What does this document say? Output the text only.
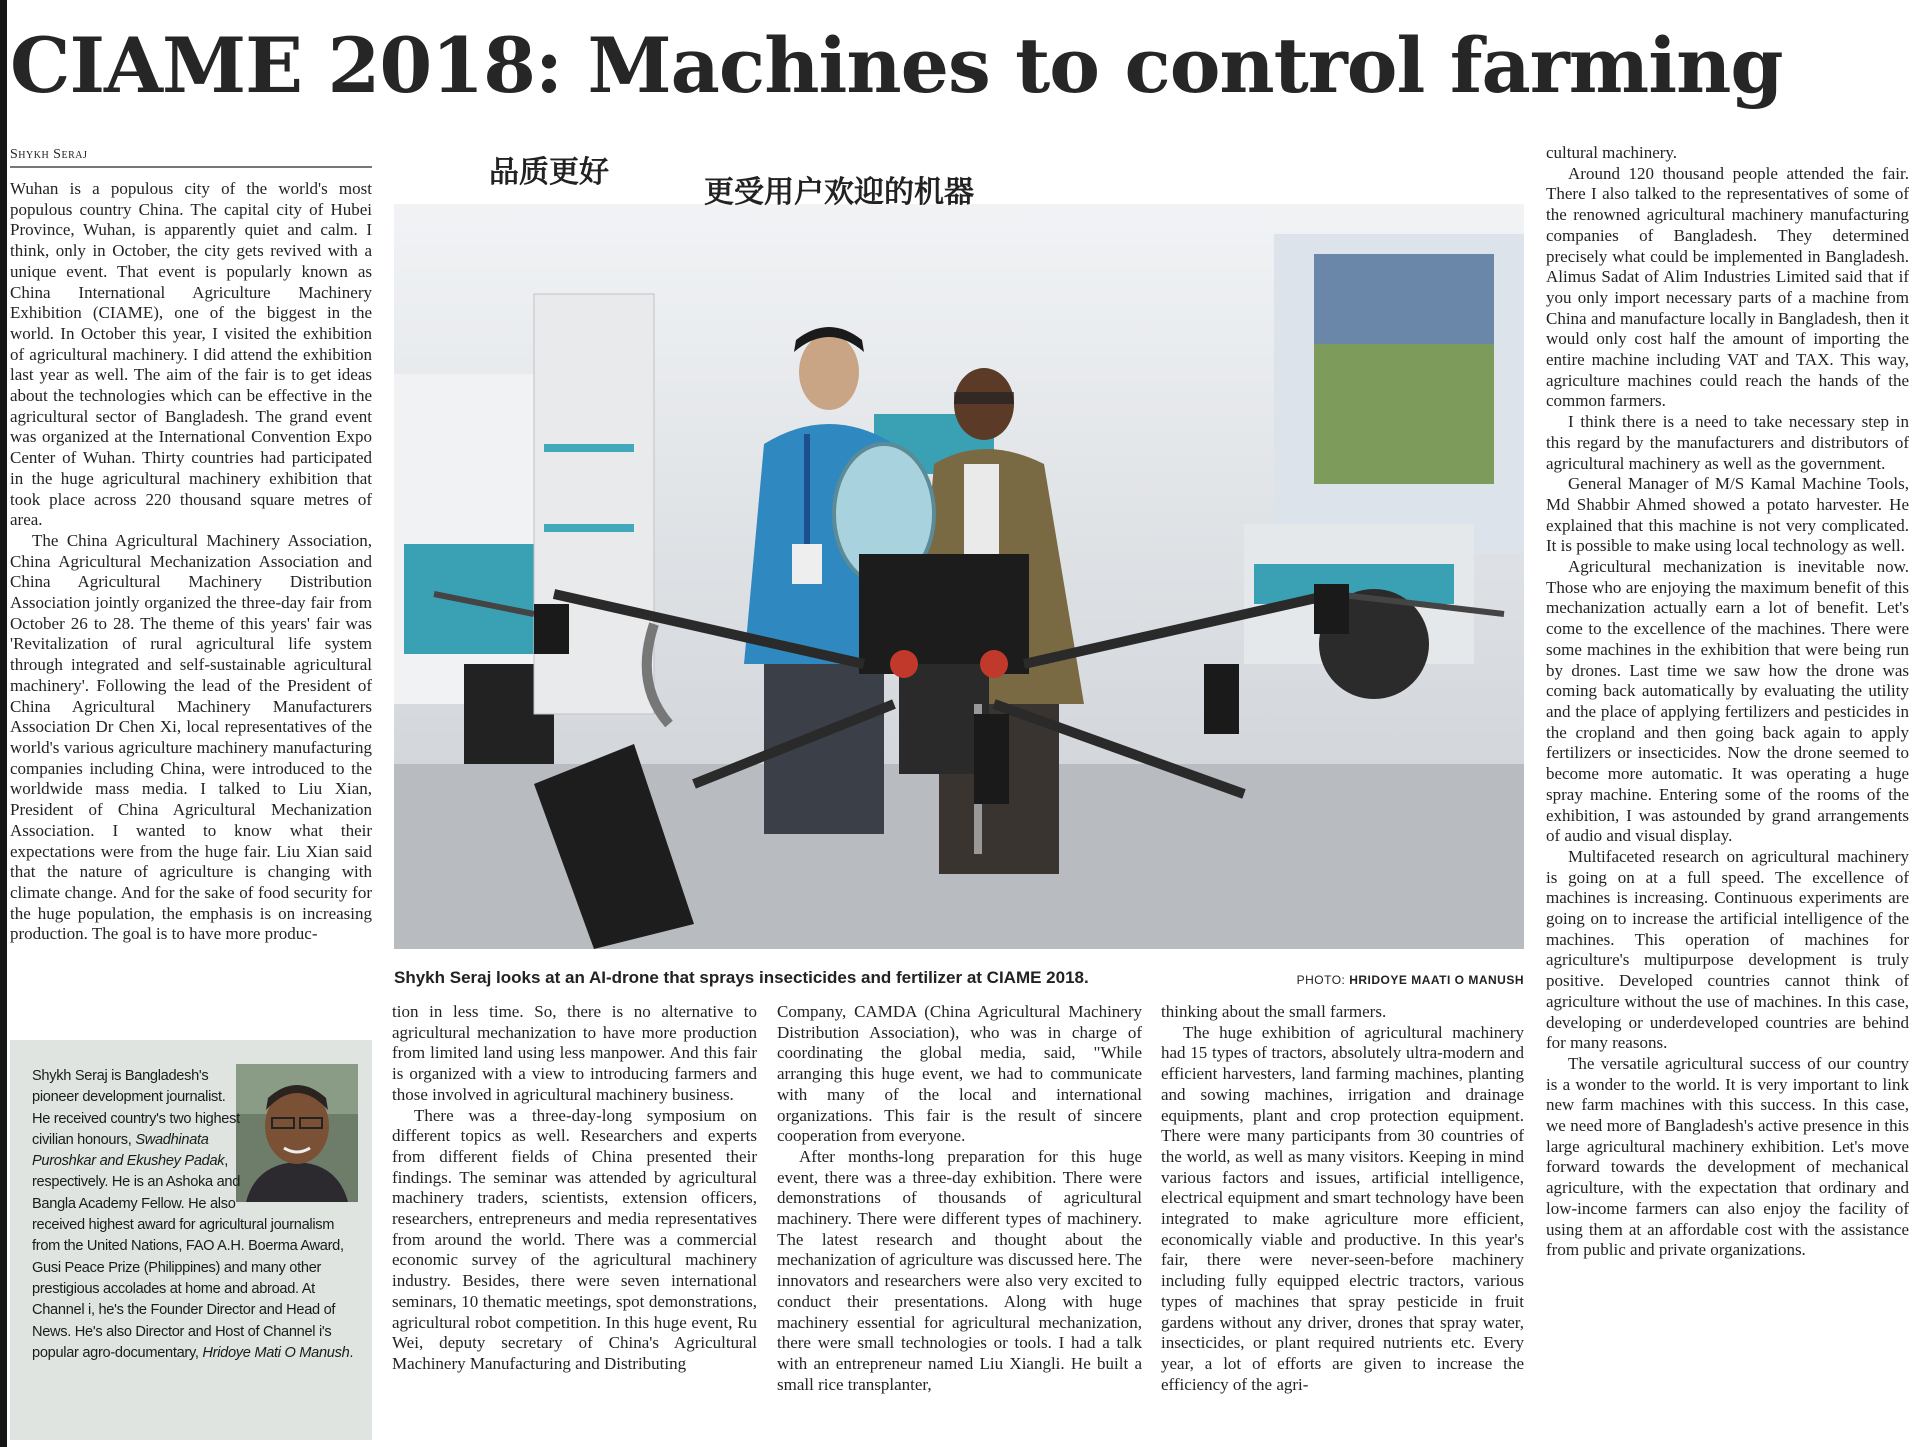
CIAME 2018: Machines to control farming
Shykh Seraj

Wuhan is a populous city of the world's most populous country China. The capital city of Hubei Province, Wuhan, is apparently quiet and calm. I think, only in October, the city gets revived with a unique event. That event is popularly known as China International Agriculture Machinery Exhibition (CIAME), one of the biggest in the world. In October this year, I visited the exhibition of agricultural machinery. I did attend the exhibition last year as well. The aim of the fair is to get ideas about the technologies which can be effective in the agricultural sector of Bangladesh. The grand event was organized at the International Convention Expo Center of Wuhan. Thirty countries had participated in the huge agricultural machinery exhibition that took place across 220 thousand square metres of area.

The China Agricultural Machinery Association, China Agricultural Mechanization Association and China Agricultural Machinery Distribution Association jointly organized the three-day fair from October 26 to 28. The theme of this years' fair was 'Revitalization of rural agricultural life system through integrated and self-sustainable agricultural machinery'. Following the lead of the President of China Agricultural Machinery Manufacturers Association Dr Chen Xi, local representatives of the world's various agriculture machinery manufacturing companies including China, were introduced to the worldwide mass media. I talked to Liu Xian, President of China Agricultural Mechanization Association. I wanted to know what their expectations were from the huge fair. Liu Xian said that the nature of agriculture is changing with climate change. And for the sake of food security for the huge population, the emphasis is on increasing production. The goal is to have more produc-

品质更好
更受用户欢迎的机器
Shykh Seraj looks at an AI-drone that sprays insecticides and fertilizer at CIAME 2018.	PHOTO: HRIDOYE MAATI O MANUSH
Shykh Seraj is Bangladesh's pioneer development journalist. He received country's two highest civilian honours, Swadhinata Puroshkar and Ekushey Padak, respectively. He is an Ashoka and Bangla Academy Fellow. He also
received highest award for agricultural journalism from the United Nations, FAO A.H. Boerma Award, Gusi Peace Prize (Philippines) and many other prestigious accolades at home and abroad. At Channel i, he's the Founder Director and Head of News. He's also Director and Host of Channel i's popular agro-documentary, Hridoye Mati O Manush.

tion in less time. So, there is no alternative to agricultural mechanization to have more production from limited land using less manpower. And this fair is organized with a view to introducing farmers and those involved in agricultural machinery business.

There was a three-day-long symposium on different topics as well. Researchers and experts from different fields of China presented their findings. The seminar was attended by agricultural machinery traders, scientists, extension officers, researchers, entrepreneurs and media representatives from around the world. There was a commercial economic survey of the agricultural machinery industry. Besides, there were seven international seminars, 10 thematic meetings, spot demonstrations, agricultural robot competition. In this huge event, Ru Wei, deputy secretary of China's Agricultural Machinery Manufacturing and Distributing

Company, CAMDA (China Agricultural Machinery Distribution Association), who was in charge of coordinating the global media, said, "While arranging this huge event, we had to communicate with many of the local and international organizations. This fair is the result of sincere cooperation from everyone.

After months-long preparation for this huge event, there was a three-day exhibition. There were demonstrations of thousands of agricultural machinery. There were different types of machinery. The latest research and thought about the mechanization of agriculture was discussed here. The innovators and researchers were also very excited to conduct their presentations. Along with huge machinery essential for agricultural mechanization, there were small technologies or tools. I had a talk with an entrepreneur named Liu Xiangli. He built a small rice transplanter,

thinking about the small farmers.

The huge exhibition of agricultural machinery had 15 types of tractors, absolutely ultra-modern and efficient harvesters, land farming machines, planting and sowing machines, irrigation and drainage equipments, plant and crop protection equipment. There were many participants from 30 countries of the world, as well as many visitors. Keeping in mind various factors and issues, artificial intelligence, electrical equipment and smart technology have been integrated to make agriculture more efficient, economically viable and productive. In this year's fair, there were never-seen-before machinery including fully equipped electric tractors, various types of machines that spray pesticide in fruit gardens without any driver, drones that spray water, insecticides, or plant required nutrients etc. Every year, a lot of efforts are given to increase the efficiency of the agri-

cultural machinery.

Around 120 thousand people attended the fair. There I also talked to the representatives of some of the renowned agricultural machinery manufacturing companies of Bangladesh. They determined precisely what could be implemented in Bangladesh. Alimus Sadat of Alim Industries Limited said that if you only import necessary parts of a machine from China and manufacture locally in Bangladesh, then it would only cost half the amount of importing the entire machine including VAT and TAX. This way, agriculture machines could reach the hands of the common farmers.

I think there is a need to take necessary step in this regard by the manufacturers and distributors of agricultural machinery as well as the government.

General Manager of M/S Kamal Machine Tools, Md Shabbir Ahmed showed a potato harvester. He explained that this machine is not very complicated. It is possible to make using local technology as well.

Agricultural mechanization is inevitable now. Those who are enjoying the maximum benefit of this mechanization actually earn a lot of benefit. Let's come to the excellence of the machines. There were some machines in the exhibition that were being run by drones. Last time we saw how the drone was coming back automatically by evaluating the utility and the place of applying fertilizers and pesticides in the cropland and then going back again to apply fertilizers or insecticides. Now the drone seemed to become more automatic. It was operating a huge spray machine. Entering some of the rooms of the exhibition, I was astounded by grand arrangements of audio and visual display.

Multifaceted research on agricultural machinery is going on at a full speed. The excellence of machines is increasing. Continuous experiments are going on to increase the artificial intelligence of the machines. This operation of machines for agriculture's multipurpose development is truly positive. Developed countries cannot think of agriculture without the use of machines. In this case, developing or underdeveloped countries are behind for many reasons.

The versatile agricultural success of our country is a wonder to the world. It is very important to link new farm machines with this success. In this case, we need more of Bangladesh's active presence in this large agricultural machinery exhibition. Let's move forward towards the development of mechanical agriculture, with the expectation that ordinary and low-income farmers can also enjoy the facility of using them at an affordable cost with the assistance from public and private organizations.
